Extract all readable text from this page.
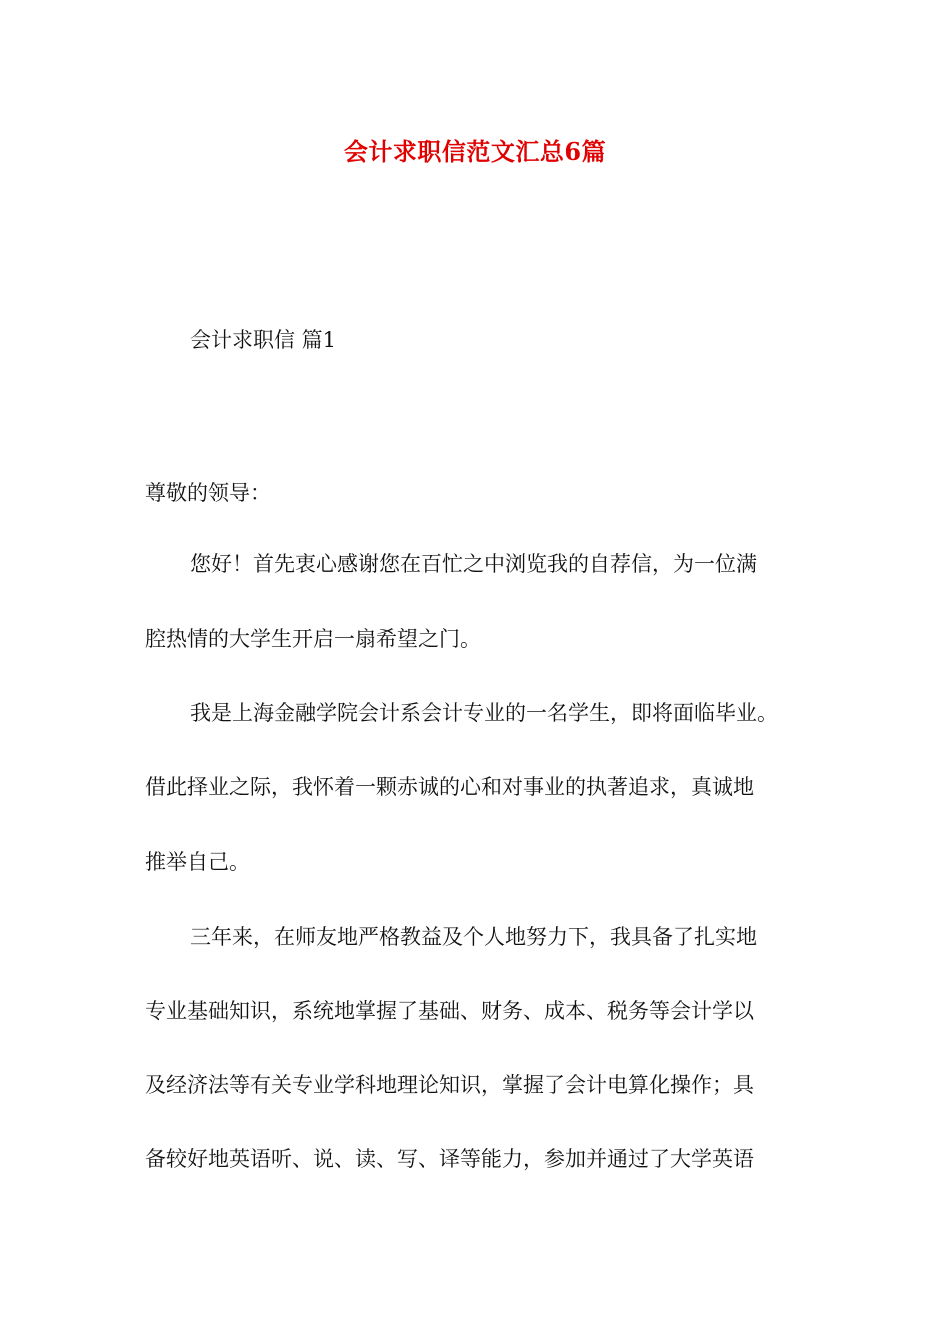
会计求职信范文汇总6篇
会计求职信 篇1
尊敬的领导：
您好！首先衷心感谢您在百忙之中浏览我的自荐信，为一位满
腔热情的大学生开启一扇希望之门。
我是上海金融学院会计系会计专业的一名学生，即将面临毕业。
借此择业之际，我怀着一颗赤诚的心和对事业的执著追求，真诚地
推举自己。
三年来，在师友地严格教益及个人地努力下，我具备了扎实地
专业基础知识，系统地掌握了基础、财务、成本、税务等会计学以
及经济法等有关专业学科地理论知识，掌握了会计电算化操作；具
备较好地英语听、说、读、写、译等能力，参加并通过了大学英语
